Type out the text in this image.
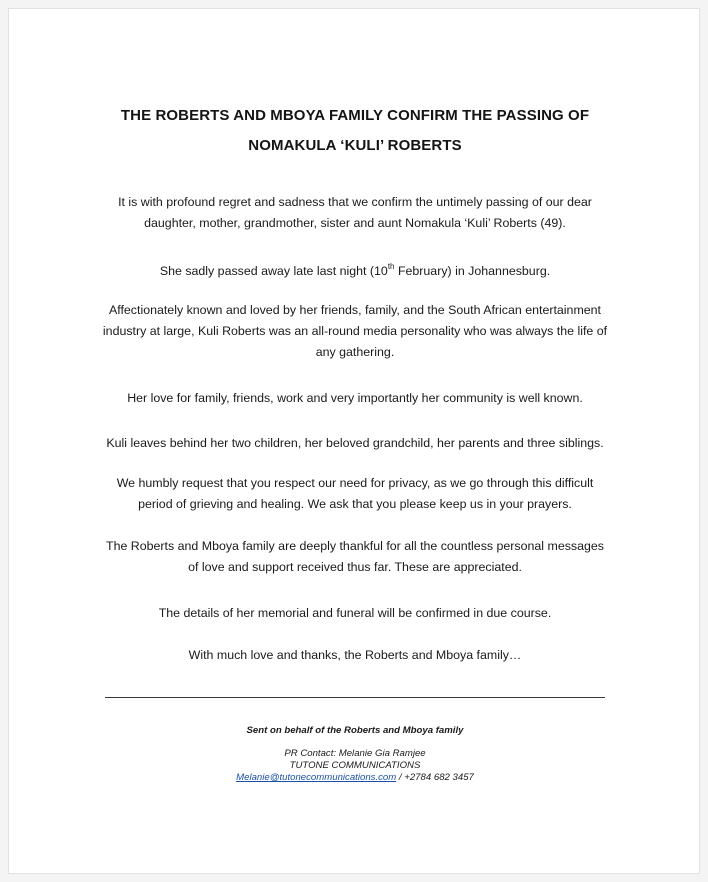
THE ROBERTS AND MBOYA FAMILY CONFIRM THE PASSING OF
NOMAKULA ‘KULI’ ROBERTS
It is with profound regret and sadness that we confirm the untimely passing of our dear
daughter, mother, grandmother, sister and aunt Nomakula ‘Kuli’ Roberts (49).
She sadly passed away late last night (10th February) in Johannesburg.
Affectionately known and loved by her friends, family, and the South African entertainment
industry at large, Kuli Roberts was an all-round media personality who was always the life of
any gathering.
Her love for family, friends, work and very importantly her community is well known.
Kuli leaves behind her two children, her beloved grandchild, her parents and three siblings.
We humbly request that you respect our need for privacy, as we go through this difficult
period of grieving and healing. We ask that you please keep us in your prayers.
The Roberts and Mboya family are deeply thankful for all the countless personal messages
of love and support received thus far. These are appreciated.
The details of her memorial and funeral will be confirmed in due course.
With much love and thanks, the Roberts and Mboya family…
Sent on behalf of the Roberts and Mboya family
PR Contact: Melanie Gia Ramjee
TUTONE COMMUNICATIONS
Melanie@tutonecommunications.com / +2784 682 3457
